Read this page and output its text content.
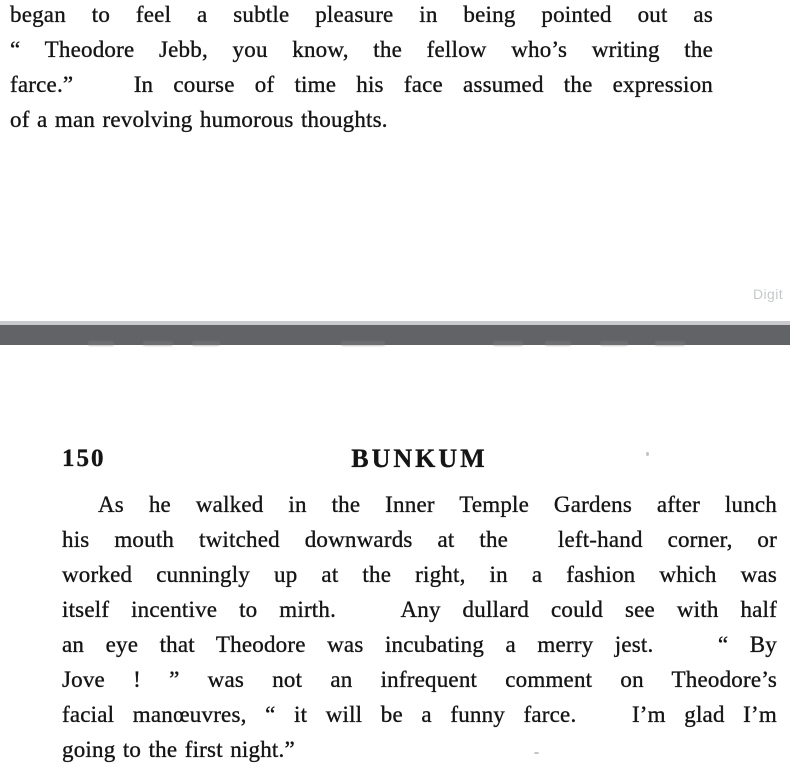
began to feel a subtle pleasure in being pointed out as
“ Theodore Jebb, you know, the fellow who’s writing the
farce.”   In course of time his face assumed the expression
of a man revolving humorous thoughts.
Digit
150	BUNKUM
As he walked in the Inner Temple Gardens after lunch
his mouth twitched downwards at the  left-hand corner, or
worked cunningly up at the right, in a fashion which was
itself incentive to mirth.   Any dullard could see with half
an eye that Theodore was incubating a merry jest.   “ By
Jove ! ” was not an infrequent comment on Theodore’s
facial manœuvres, “ it will be a funny farce.   I’m glad I’m
going to the first night.”
